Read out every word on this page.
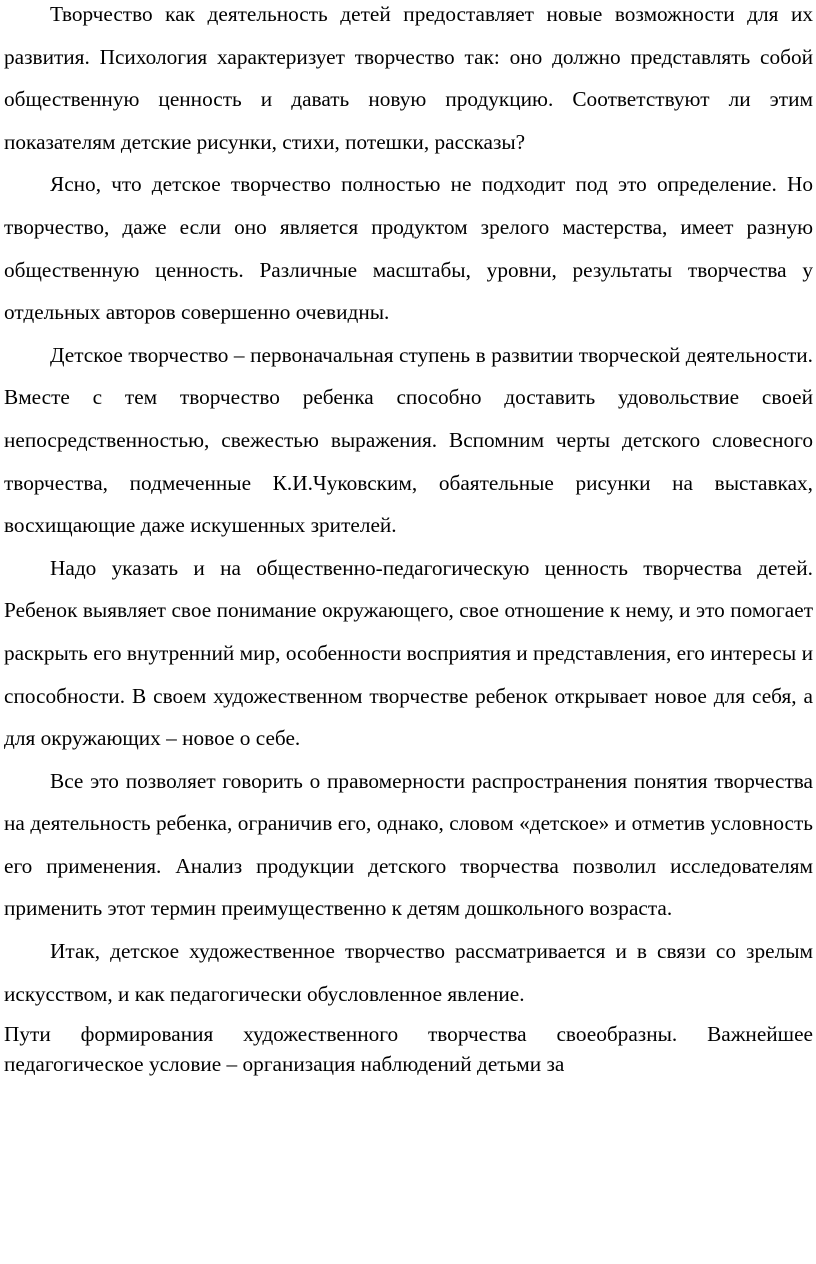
Творчество как деятельность детей предоставляет новые возможности для их развития. Психология характеризует творчество так: оно должно представлять собой общественную ценность и давать новую продукцию. Соответствуют ли этим показателям детские рисунки, стихи, потешки, рассказы?

Ясно, что детское творчество полностью не подходит под это определение. Но творчество, даже если оно является продуктом зрелого мастерства, имеет разную общественную ценность. Различные масштабы, уровни, результаты творчества у отдельных авторов совершенно очевидны.

Детское творчество – первоначальная ступень в развитии творческой деятельности. Вместе с тем творчество ребенка способно доставить удовольствие своей непосредственностью, свежестью выражения. Вспомним черты детского словесного творчества, подмеченные К.И.Чуковским, обаятельные рисунки на выставках, восхищающие даже искушенных зрителей.

Надо указать и на общественно-педагогическую ценность творчества детей. Ребенок выявляет свое понимание окружающего, свое отношение к нему, и это помогает раскрыть его внутренний мир, особенности восприятия и представления, его интересы и способности. В своем художественном творчестве ребенок открывает новое для себя, а для окружающих – новое о себе.

Все это позволяет говорить о правомерности распространения понятия творчества на деятельность ребенка, ограничив его, однако, словом «детское» и отметив условность его применения. Анализ продукции детского творчества позволил исследователям применить этот термин преимущественно к детям дошкольного возраста.

Итак, детское художественное творчество рассматривается и в связи со зрелым искусством, и как педагогически обусловленное явление.

Пути формирования художественного творчества своеобразны. Важнейшее педагогическое условие – организация наблюдений детьми за
